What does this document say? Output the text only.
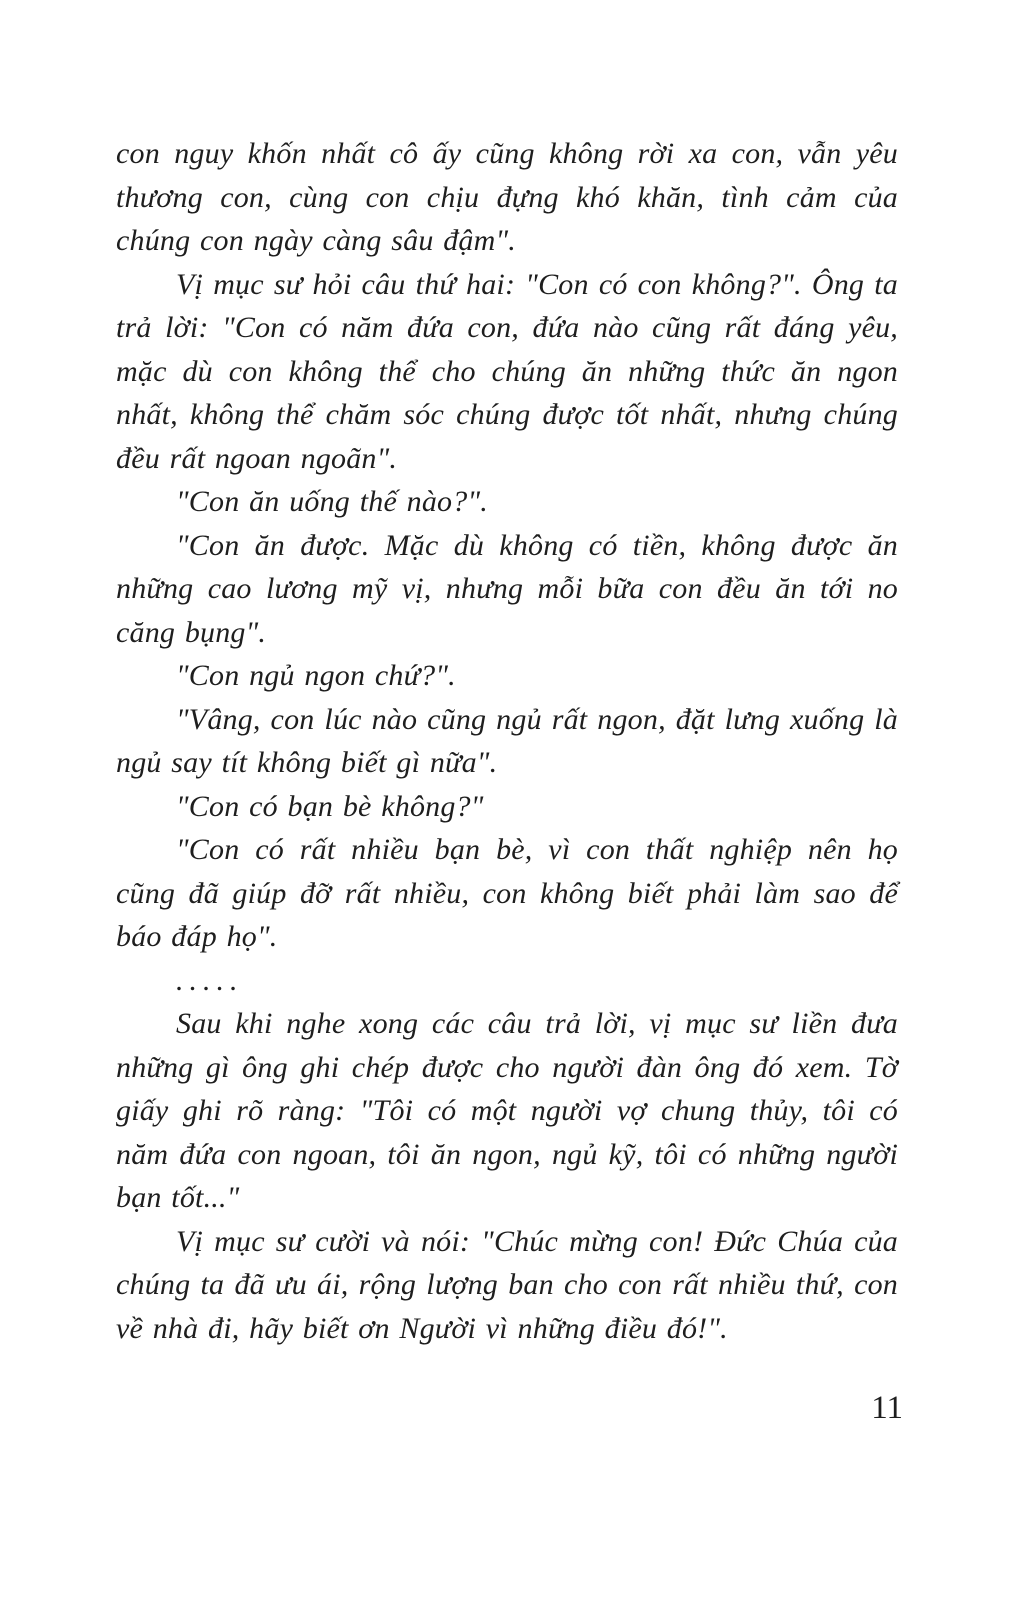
con nguy khốn nhất cô ấy cũng không rời xa con, vẫn yêu thương con, cùng con chịu đựng khó khăn, tình cảm của chúng con ngày càng sâu đậm".

Vị mục sư hỏi câu thứ hai: "Con có con không?". Ông ta trả lời: "Con có năm đứa con, đứa nào cũng rất đáng yêu, mặc dù con không thể cho chúng ăn những thức ăn ngon nhất, không thể chăm sóc chúng được tốt nhất, nhưng chúng đều rất ngoan ngoãn".

"Con ăn uống thế nào?".

"Con ăn được. Mặc dù không có tiền, không được ăn những cao lương mỹ vị, nhưng mỗi bữa con đều ăn tới no căng bụng".

"Con ngủ ngon chứ?".

"Vâng, con lúc nào cũng ngủ rất ngon, đặt lưng xuống là ngủ say tít không biết gì nữa".

"Con có bạn bè không?"

"Con có rất nhiều bạn bè, vì con thất nghiệp nên họ cũng đã giúp đỡ rất nhiều, con không biết phải làm sao để báo đáp họ".

.....

Sau khi nghe xong các câu trả lời, vị mục sư liền đưa những gì ông ghi chép được cho người đàn ông đó xem. Tờ giấy ghi rõ ràng: "Tôi có một người vợ chung thủy, tôi có năm đứa con ngoan, tôi ăn ngon, ngủ kỹ, tôi có những người bạn tốt..."

Vị mục sư cười và nói: "Chúc mừng con! Đức Chúa của chúng ta đã ưu ái, rộng lượng ban cho con rất nhiều thứ, con về nhà đi, hãy biết ơn Người vì những điều đó!".

11
